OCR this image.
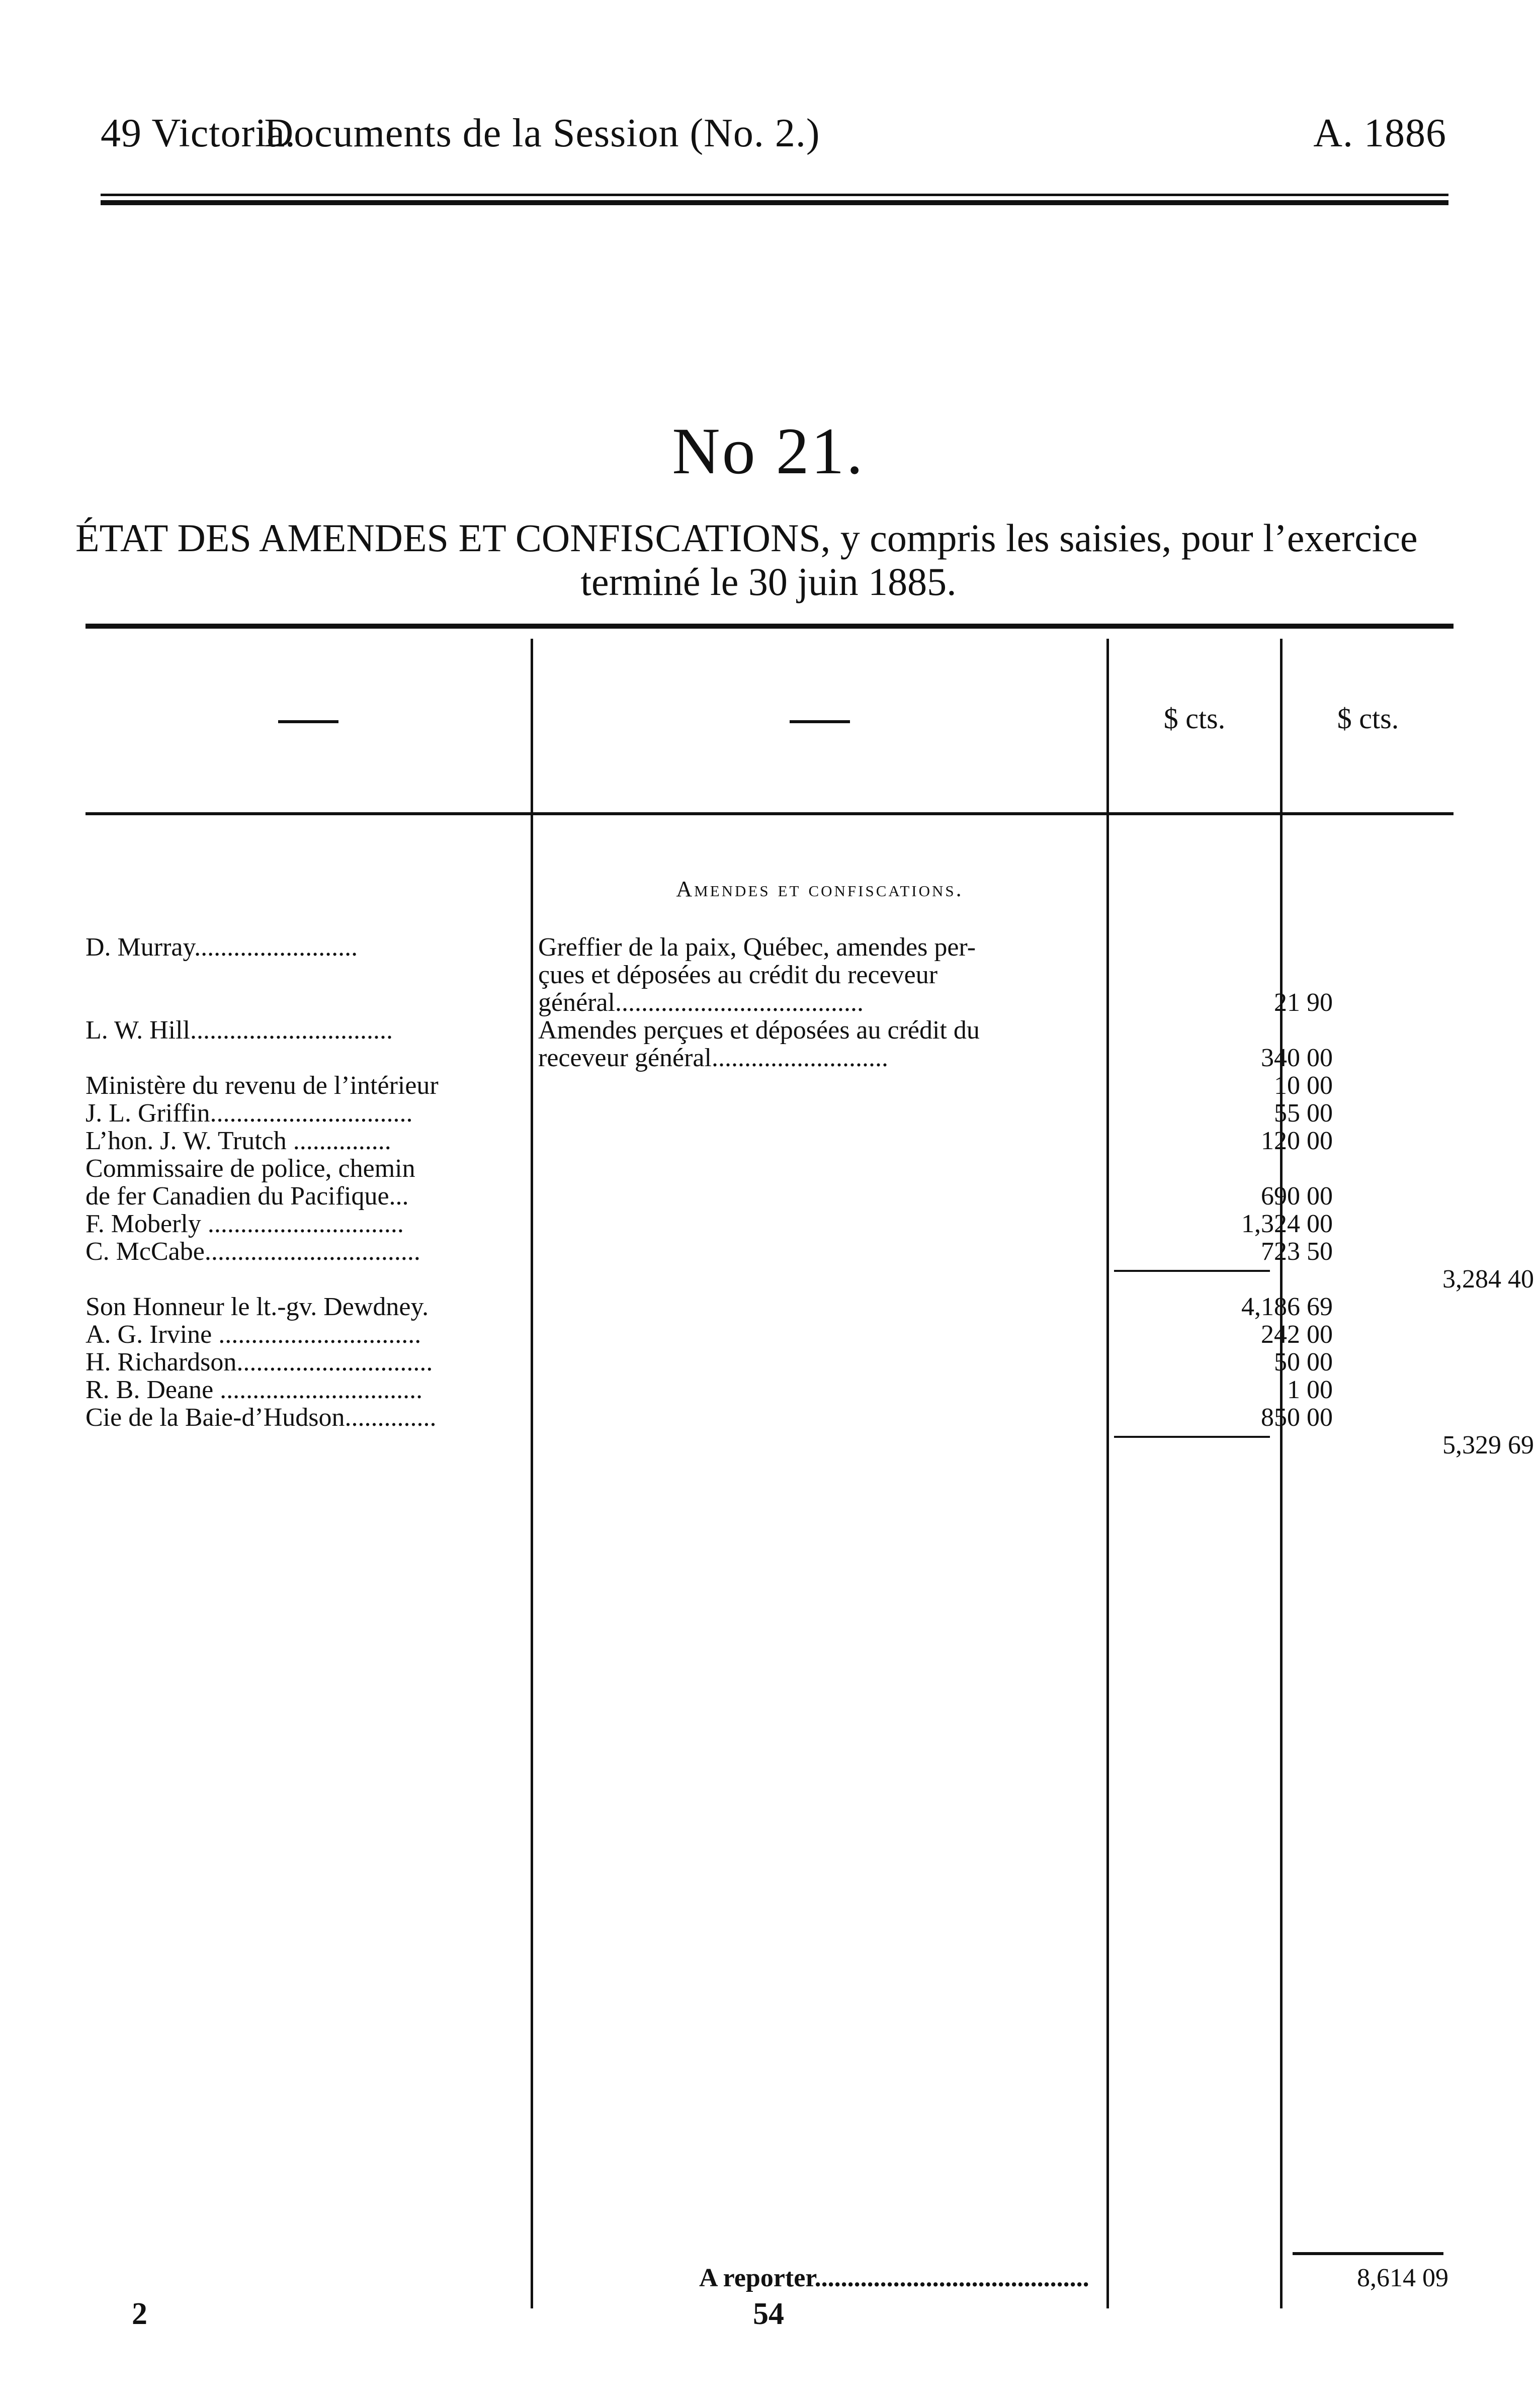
49 Victoria.
Documents de la Session (No. 2.)	A. 1886
No 21.
ÉTAT DES AMENDES ET CONFISCATIONS, y compris les saisies, pour l’exercice
terminé le 30 juin 1885.
$ cts.	$ cts.
Amendes et confiscations.
D. Murray.........................	Greffier de la paix, Québec, amendes per-
çues et déposées au crédit du receveur
général......................................	21 90
L. W. Hill...............................	Amendes perçues et déposées au crédit du
receveur général...........................	340 00
Ministère du revenu de l’intérieur	10 00
J. L. Griffin...............................	55 00
L’hon. J. W. Trutch ...............	120 00
Commissaire de police, chemin
de fer Canadien du Pacifique...	690 00
F. Moberly ..............................	1,324 00
C. McCabe.................................	723 50
3,284 40
Son Honneur le lt.-gv. Dewdney.	4,186 69
A. G. Irvine ...............................	242 00
H. Richardson..............................	50 00
R. B. Deane ...............................	1 00
Cie de la Baie-d’Hudson..............	850 00
5,329 69
A reporter..........................................	8,614 09
2	54
